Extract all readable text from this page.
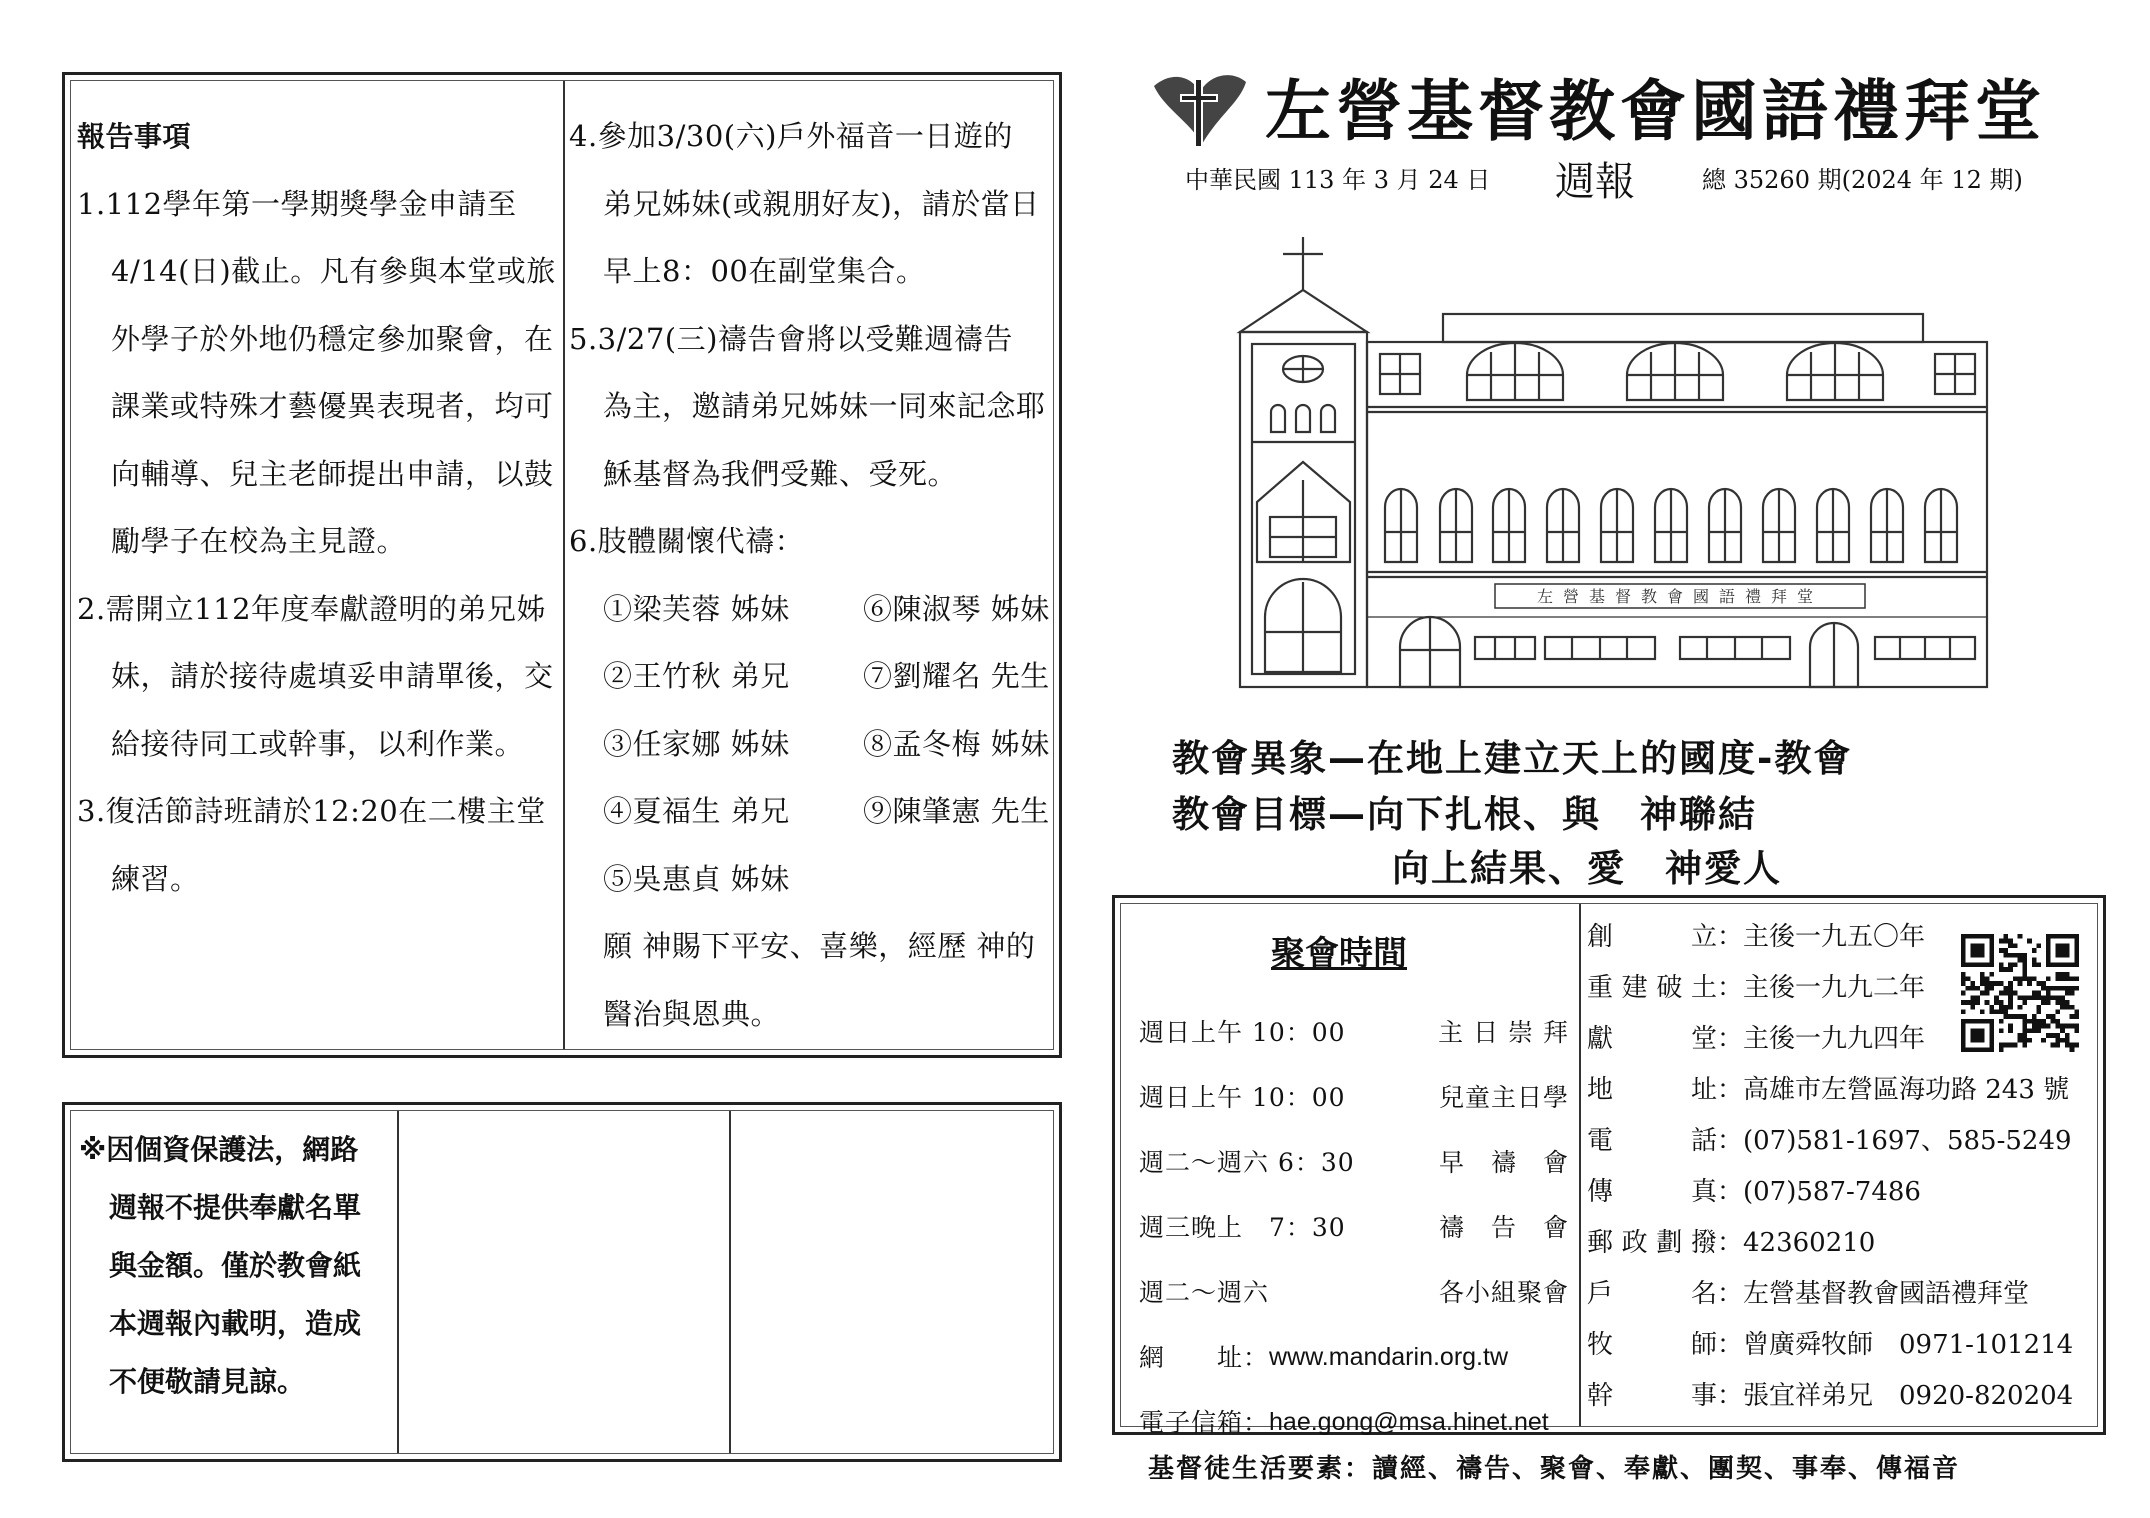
報告事項
1.112學年第一學期獎學金申請至
4/14(日)截止。凡有參與本堂或旅
外學子於外地仍穩定參加聚會，在
課業或特殊才藝優異表現者，均可
向輔導、兒主老師提出申請，以鼓
勵學子在校為主見證。
2.需開立112年度奉獻證明的弟兄姊
妹，請於接待處填妥申請單後，交
給接待同工或幹事，以利作業。
3.復活節詩班請於12:20在二樓主堂
練習。
4.參加3/30(六)戶外福音一日遊的
弟兄姊妹(或親朋好友)，請於當日
早上8：00在副堂集合。
5.3/27(三)禱告會將以受難週禱告
為主，邀請弟兄姊妹一同來記念耶
穌基督為我們受難、受死。
6.肢體關懷代禱：
①梁芙蓉 姊妹	⑥陳淑琴 姊妹
②王竹秋 弟兄	⑦劉耀名 先生
③任家娜 姊妹	⑧孟冬梅 姊妹
④夏福生 弟兄	⑨陳肇憲 先生
⑤吳惠貞 姊妹
願 神賜下平安、喜樂，經歷 神的
醫治與恩典。
※因個資保護法，網路
週報不提供奉獻名單
與金額。僅於教會紙
本週報內載明，造成
不便敬請見諒。
左營基督教會國語禮拜堂
中華民國 113 年 3 月 24 日 週報	總 35260 期(2024 年 12 期)
左營基督教會國語禮拜堂
教會異象—在地上建立天上的國度-教會
教會目標—向下扎根、與　神聯結
向上結果、愛　神愛人
聚會時間
週日上午 10：00	主 日 崇 拜
週日上午 10：00	兒童主日學
週二～週六 6：30	早　禱　會
週三晚上　7：30	禱　告　會
週二～週六	各小組聚會
網　　址： www.mandarin.org.tw
電子信箱： hae.gong@msa.hinet.net
創立 ：主後一九五〇年
重建破土 ：主後一九九二年
獻堂 ：主後一九九四年
地址 ：高雄市左營區海功路 243 號
電話 ：(07)581-1697、585-5249
傳真 ：(07)587-7486
郵政劃撥 ：42360210
戶名 ：左營基督教會國語禮拜堂
牧師 ：曾廣舜牧師　0971-101214
幹事 ：張宜祥弟兄　0920-820204
基督徒生活要素：讀經、禱告、聚會、奉獻、團契、事奉、傳福音
